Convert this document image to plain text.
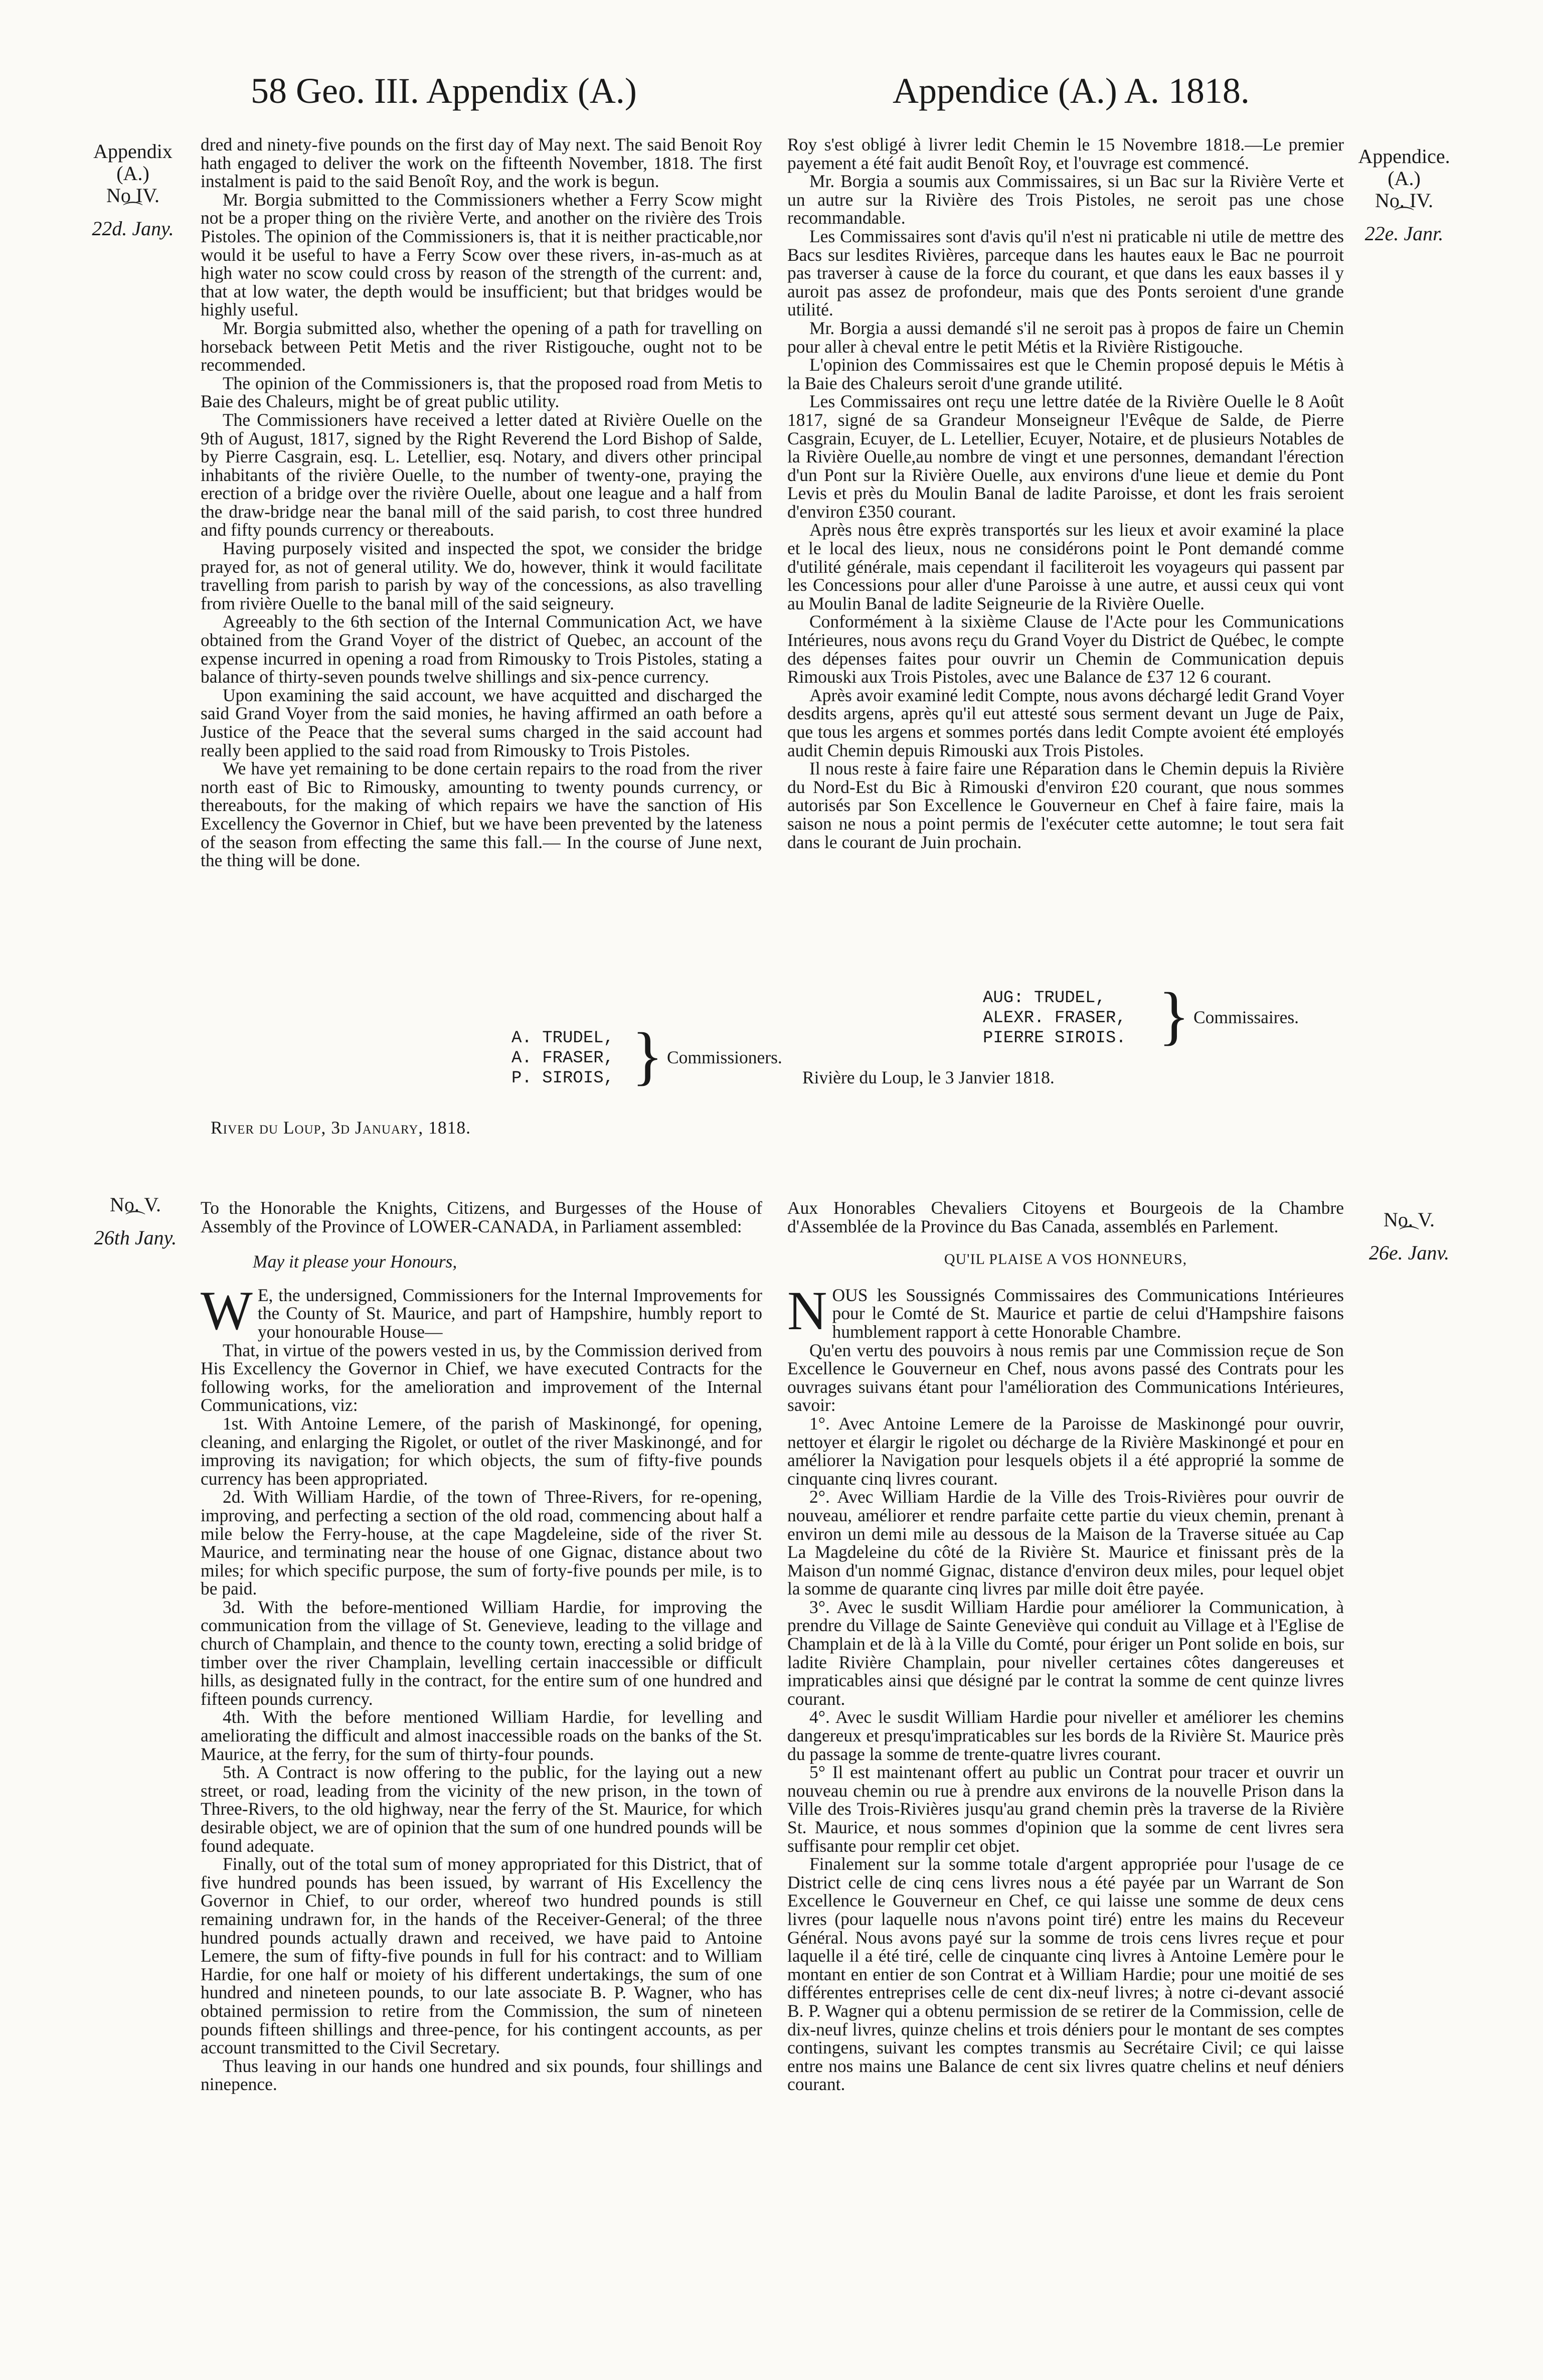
58 Geo. III. Appendix (A.)	Appendice (A.) A. 1818.
Appendix
(A.)
No IV.
⌒
22d. Jany.
Appendice.
(A.)
No. IV.
⌒
22e. Janr.

dred and ninety-five pounds on the first day of May next. The said Benoit Roy hath engaged to deliver the work on the fifteenth November, 1818. The first instalment is paid to the said Benoît Roy, and the work is begun.

Mr. Borgia submitted to the Commissioners whether a Ferry Scow might not be a proper thing on the rivière Verte, and another on the rivière des Trois Pistoles. The opinion of the Commissioners is, that it is neither practicable,nor would it be useful to have a Ferry Scow over these rivers, in-as-much as at high water no scow could cross by reason of the strength of the current: and, that at low water, the depth would be insufficient; but that bridges would be highly useful.

Mr. Borgia submitted also, whether the opening of a path for travelling on horseback between Petit Metis and the river Ristigouche, ought not to be recommended.

The opinion of the Commissioners is, that the proposed road from Metis to Baie des Chaleurs, might be of great public utility.

The Commissioners have received a letter dated at Rivière Ouelle on the 9th of August, 1817, signed by the Right Reverend the Lord Bishop of Salde, by Pierre Casgrain, esq. L. Letellier, esq. Notary, and divers other principal inhabitants of the rivière Ouelle, to the number of twenty-one, praying the erection of a bridge over the rivière Ouelle, about one league and a half from the draw-bridge near the banal mill of the said parish, to cost three hundred and fifty pounds currency or thereabouts.

Having purposely visited and inspected the spot, we consider the bridge prayed for, as not of general utility. We do, however, think it would facilitate travelling from parish to parish by way of the concessions, as also travelling from rivière Ouelle to the banal mill of the said seigneury.

Agreeably to the 6th section of the Internal Communication Act, we have obtained from the Grand Voyer of the district of Quebec, an account of the expense incurred in opening a road from Rimousky to Trois Pistoles, stating a balance of thirty-seven pounds twelve shillings and six-pence currency.

Upon examining the said account, we have acquitted and discharged the said Grand Voyer from the said monies, he having affirmed an oath before a Justice of the Peace that the several sums charged in the said account had really been applied to the said road from Rimousky to Trois Pistoles.

We have yet remaining to be done certain repairs to the road from the river north east of Bic to Rimousky, amounting to twenty pounds currency, or thereabouts, for the making of which repairs we have the sanction of His Excellency the Governor in Chief, but we have been prevented by the lateness of the season from effecting the same this fall.— In the course of June next, the thing will be done.

A. TRUDEL,
A. FRASER,
P. SIROIS, } Commissioners.
River du Loup, 3d January, 1818.

Roy s'est obligé à livrer ledit Chemin le 15 Novembre 1818.—Le premier payement a été fait audit Benoît Roy, et l'ouvrage est commencé.

Mr. Borgia a soumis aux Commissaires, si un Bac sur la Rivière Verte et un autre sur la Rivière des Trois Pistoles, ne seroit pas une chose recommandable.

Les Commissaires sont d'avis qu'il n'est ni praticable ni utile de mettre des Bacs sur lesdites Rivières, parceque dans les hautes eaux le Bac ne pourroit pas traverser à cause de la force du courant, et que dans les eaux basses il y auroit pas assez de profondeur, mais que des Ponts seroient d'une grande utilité.

Mr. Borgia a aussi demandé s'il ne seroit pas à propos de faire un Chemin pour aller à cheval entre le petit Métis et la Rivière Ristigouche.

L'opinion des Commissaires est que le Chemin proposé depuis le Métis à la Baie des Chaleurs seroit d'une grande utilité.

Les Commissaires ont reçu une lettre datée de la Rivière Ouelle le 8 Août 1817, signé de sa Grandeur Monseigneur l'Evêque de Salde, de Pierre Casgrain, Ecuyer, de L. Letellier, Ecuyer, Notaire, et de plusieurs Notables de la Rivière Ouelle,au nombre de vingt et une personnes, demandant l'érection d'un Pont sur la Rivière Ouelle, aux environs d'une lieue et demie du Pont Levis et près du Moulin Banal de ladite Paroisse, et dont les frais seroient d'environ £350 courant.

Après nous être exprès transportés sur les lieux et avoir examiné la place et le local des lieux, nous ne considérons point le Pont demandé comme d'utilité générale, mais cependant il faciliteroit les voyageurs qui passent par les Concessions pour aller d'une Paroisse à une autre, et aussi ceux qui vont au Moulin Banal de ladite Seigneurie de la Rivière Ouelle.

Conformément à la sixième Clause de l'Acte pour les Communications Intérieures, nous avons reçu du Grand Voyer du District de Québec, le compte des dépenses faites pour ouvrir un Chemin de Communication depuis Rimouski aux Trois Pistoles, avec une Balance de £37 12 6 courant.

Après avoir examiné ledit Compte, nous avons déchargé ledit Grand Voyer desdits argens, après qu'il eut attesté sous serment devant un Juge de Paix, que tous les argens et sommes portés dans ledit Compte avoient été employés audit Chemin depuis Rimouski aux Trois Pistoles.

Il nous reste à faire faire une Réparation dans le Chemin depuis la Rivière du Nord-Est du Bic à Rimouski d'environ £20 courant, que nous sommes autorisés par Son Excellence le Gouverneur en Chef à faire faire, mais la saison ne nous a point permis de l'exécuter cette automne; le tout sera fait dans le courant de Juin prochain.

AUG: TRUDEL,
ALEXR. FRASER,
PIERRE SIROIS. } Commissaires.
Rivière du Loup, le 3 Janvier 1818.
No. V.
⌒
26th Jany.
No. V.
⌒
26e. Janv.

To the Honorable the Knights, Citizens, and Burgesses of the House of Assembly of the Province of LOWER-CANADA, in Parliament assembled:

May it please your Honours,

W E, the undersigned, Commissioners for the Internal Improvements for the County of St. Maurice, and part of Hampshire, humbly report to your honourable House—

That, in virtue of the powers vested in us, by the Commission derived from His Excellency the Governor in Chief, we have executed Contracts for the following works, for the amelioration and improvement of the Internal Communications, viz:

1st. With Antoine Lemere, of the parish of Maskinongé, for opening, cleaning, and enlarging the Rigolet, or outlet of the river Maskinongé, and for improving its navigation; for which objects, the sum of fifty-five pounds currency has been appropriated.

2d. With William Hardie, of the town of Three-Rivers, for re-opening, improving, and perfecting a section of the old road, commencing about half a mile below the Ferry-house, at the cape Magdeleine, side of the river St. Maurice, and terminating near the house of one Gignac, distance about two miles; for which specific purpose, the sum of forty-five pounds per mile, is to be paid.

3d. With the before-mentioned William Hardie, for improving the communication from the village of St. Genevieve, leading to the village and church of Champlain, and thence to the county town, erecting a solid bridge of timber over the river Champlain, levelling certain inaccessible or difficult hills, as designated fully in the contract, for the entire sum of one hundred and fifteen pounds currency.

4th. With the before mentioned William Hardie, for levelling and ameliorating the difficult and almost inaccessible roads on the banks of the St. Maurice, at the ferry, for the sum of thirty-four pounds.

5th. A Contract is now offering to the public, for the laying out a new street, or road, leading from the vicinity of the new prison, in the town of Three-Rivers, to the old highway, near the ferry of the St. Maurice, for which desirable object, we are of opinion that the sum of one hundred pounds will be found adequate.

Finally, out of the total sum of money appropriated for this District, that of five hundred pounds has been issued, by warrant of His Excellency the Governor in Chief, to our order, whereof two hundred pounds is still remaining undrawn for, in the hands of the Receiver-General; of the three hundred pounds actually drawn and received, we have paid to Antoine Lemere, the sum of fifty-five pounds in full for his contract: and to William Hardie, for one half or moiety of his different undertakings, the sum of one hundred and nineteen pounds, to our late associate B. P. Wagner, who has obtained permission to retire from the Commission, the sum of nineteen pounds fifteen shillings and three-pence, for his contingent accounts, as per account transmitted to the Civil Secretary.

Thus leaving in our hands one hundred and six pounds, four shillings and ninepence.

Aux Honorables Chevaliers Citoyens et Bourgeois de la Chambre d'Assemblée de la Province du Bas Canada, assemblés en Parlement.

QU'IL PLAISE A VOS HONNEURS,

NOUS les Soussignés Commissaires des Communications Intérieures pour le Comté de St. Maurice et partie de celui d'Hampshire faisons humblement rapport à cette Honorable Chambre.

Qu'en vertu des pouvoirs à nous remis par une Commission reçue de Son Excellence le Gouverneur en Chef, nous avons passé des Contrats pour les ouvrages suivans étant pour l'amélioration des Communications Intérieures, savoir:

1°. Avec Antoine Lemere de la Paroisse de Maskinongé pour ouvrir, nettoyer et élargir le rigolet ou décharge de la Rivière Maskinongé et pour en améliorer la Navigation pour lesquels objets il a été approprié la somme de cinquante cinq livres courant.

2°. Avec William Hardie de la Ville des Trois-Rivières pour ouvrir de nouveau, améliorer et rendre parfaite cette partie du vieux chemin, prenant à environ un demi mile au dessous de la Maison de la Traverse située au Cap La Magdeleine du côté de la Rivière St. Maurice et finissant près de la Maison d'un nommé Gignac, distance d'environ deux miles, pour lequel objet la somme de quarante cinq livres par mille doit être payée.

3°. Avec le susdit William Hardie pour améliorer la Communication, à prendre du Village de Sainte Geneviève qui conduit au Village et à l'Eglise de Champlain et de là à la Ville du Comté, pour ériger un Pont solide en bois, sur ladite Rivière Champlain, pour niveller certaines côtes dangereuses et impraticables ainsi que désigné par le contrat la somme de cent quinze livres courant.

4°. Avec le susdit William Hardie pour niveller et améliorer les chemins dangereux et presqu'impraticables sur les bords de la Rivière St. Maurice près du passage la somme de trente-quatre livres courant.

5° Il est maintenant offert au public un Contrat pour tracer et ouvrir un nouveau chemin ou rue à prendre aux environs de la nouvelle Prison dans la Ville des Trois-Rivières jusqu'au grand chemin près la traverse de la Rivière St. Maurice, et nous sommes d'opinion que la somme de cent livres sera suffisante pour remplir cet objet.

Finalement sur la somme totale d'argent appropriée pour l'usage de ce District celle de cinq cens livres nous a été payée par un Warrant de Son Excellence le Gouverneur en Chef, ce qui laisse une somme de deux cens livres (pour laquelle nous n'avons point tiré) entre les mains du Receveur Général. Nous avons payé sur la somme de trois cens livres reçue et pour laquelle il a été tiré, celle de cinquante cinq livres à Antoine Lemère pour le montant en entier de son Contrat et à William Hardie; pour une moitié de ses différentes entreprises celle de cent dix-neuf livres; à notre ci-devant associé B. P. Wagner qui a obtenu permission de se retirer de la Commission, celle de dix-neuf livres, quinze chelins et trois déniers pour le montant de ses comptes contingens, suivant les comptes transmis au Secrétaire Civil; ce qui laisse entre nos mains une Balance de cent six livres quatre chelins et neuf déniers courant.
